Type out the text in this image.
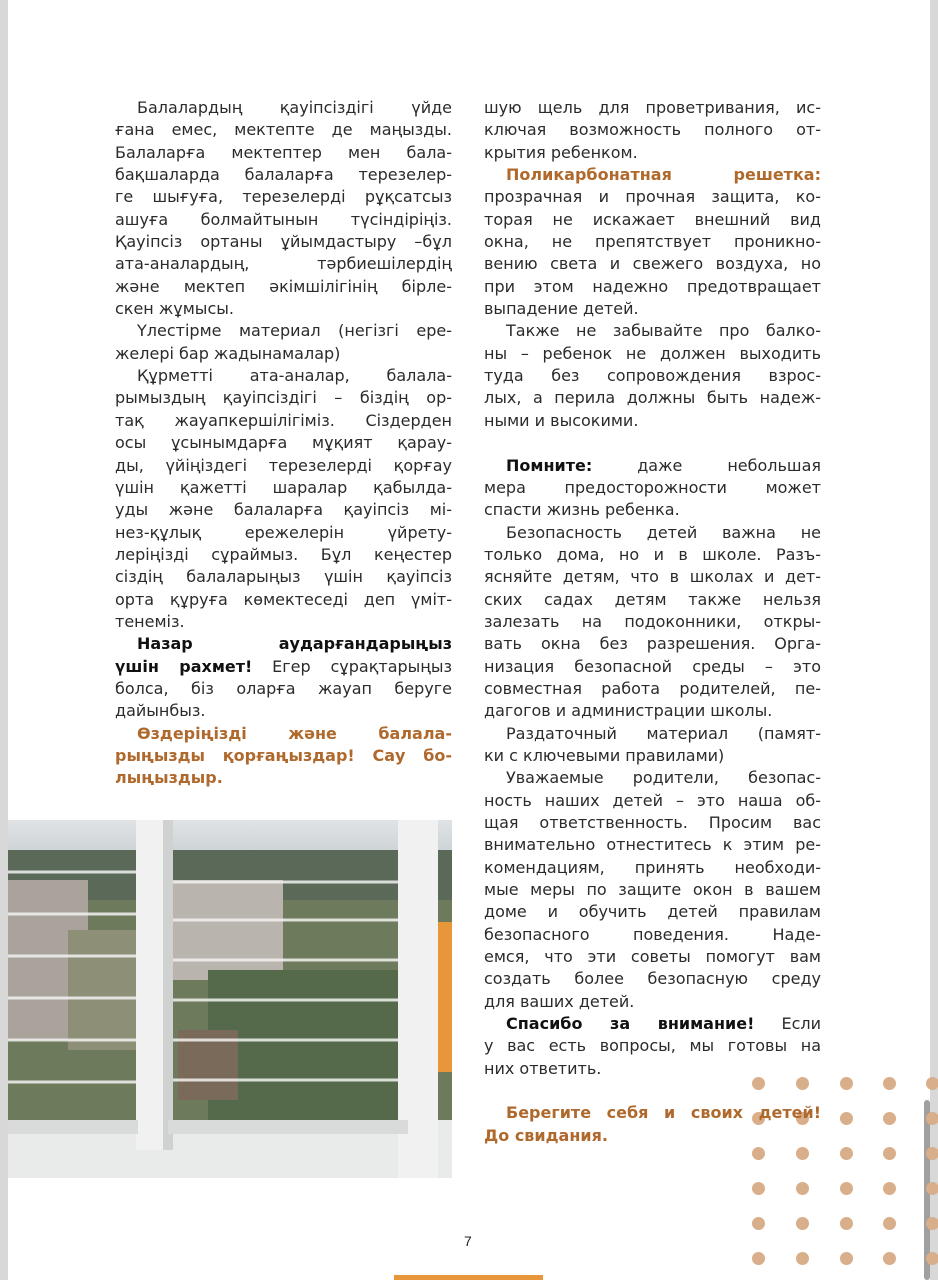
Балалардың қауіпсіздігі үйде
ғана емес, мектепте де маңызды.
Балаларға мектептер мен бала-
бақшаларда балаларға терезелер-
ге шығуға, терезелерді рұқсатсыз
ашуға болмайтынын түсіндіріңіз.
Қауіпсіз ортаны ұйымдастыру –бұл
ата-аналардың, тәрбиешілердің
және мектеп әкімшілігінің бірле-
скен жұмысы.
Үлестірме материал (негізгі ере-
желері бар жадынамалар)
Құрметті ата-аналар, балала-
рымыздың қауіпсіздігі – біздің ор-
тақ жауапкершілігіміз. Сіздерден
осы ұсынымдарға мұқият қарау-
ды, үйіңіздегі терезелерді қорғау
үшін қажетті шаралар қабылда-
уды және балаларға қауіпсіз мі-
нез-құлық ережелерін үйрету-
леріңізді сұраймыз. Бұл кеңестер
сіздің балаларыңыз үшін қауіпсіз
орта құруға көмектеседі деп үміт-
тенеміз.
Назар аударғандарыңыз
үшін рахмет! Егер сұрақтарыңыз
болса, біз оларға жауап беруге
дайынбыз.
Өздеріңізді және балала-
рыңызды қорғаңыздар! Сау бо-
лыңыздыр.
шую щель для проветривания, ис-
ключая возможность полного от-
крытия ребенком.
Поликарбонатная решетка:
прозрачная и прочная защита, ко-
торая не искажает внешний вид
окна, не препятствует проникно-
вению света и свежего воздуха, но
при этом надежно предотвращает
выпадение детей.
Также не забывайте про балко-
ны – ребенок не должен выходить
туда без сопровождения взрос-
лых, а перила должны быть надеж-
ными и высокими.
Помните: даже небольшая
мера предосторожности может
спасти жизнь ребенка.
Безопасность детей важна не
только дома, но и в школе. Разъ-
ясняйте детям, что в школах и дет-
ских садах детям также нельзя
залезать на подоконники, откры-
вать окна без разрешения. Орга-
низация безопасной среды – это
совместная работа родителей, пе-
дагогов и администрации школы.
Раздаточный материал (памят-
ки с ключевыми правилами)
Уважаемые родители, безопас-
ность наших детей – это наша об-
щая ответственность. Просим вас
внимательно отнеститесь к этим ре-
комендациям, принять необходи-
мые меры по защите окон в вашем
доме и обучить детей правилам
безопасного поведения. Наде-
емся, что эти советы помогут вам
создать более безопасную среду
для ваших детей.
Спасибо за внимание! Если
у вас есть вопросы, мы готовы на
них ответить.
Берегите себя и своих детей!
До свидания.
7
